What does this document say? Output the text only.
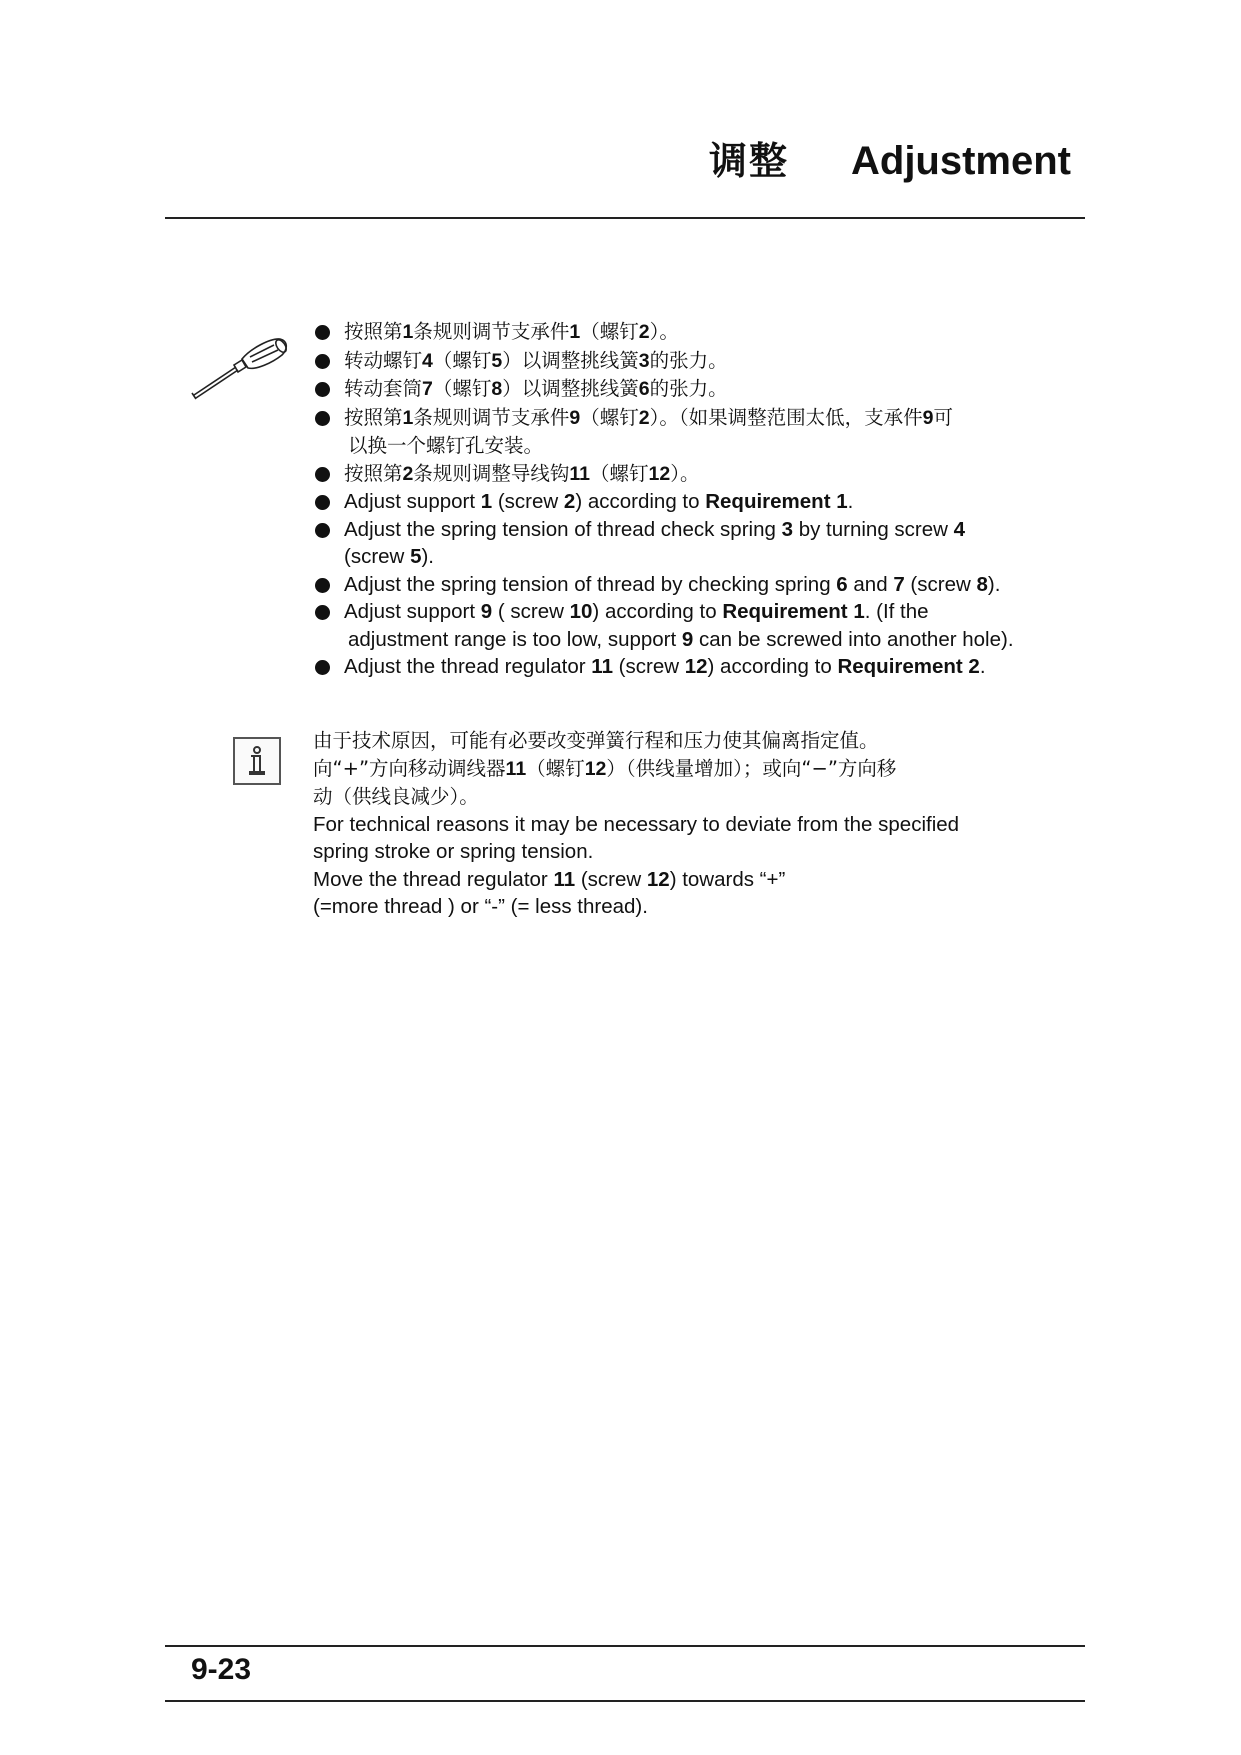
调整 Adjustment
按照第1条规则调节支承件1（螺钉2）。
转动螺钉4（螺钉5）以调整挑线簧3的张力。
转动套筒7（螺钉8）以调整挑线簧6的张力。
按照第1条规则调节支承件9（螺钉2）。（如果调整范围太低，支承件9可
以换一个螺钉孔安装。
按照第2条规则调整导线钩11（螺钉12）。
Adjust support 1 (screw 2) according to Requirement 1.
Adjust the spring tension of thread check spring 3 by turning screw 4
(screw 5).
Adjust the spring tension of thread by checking spring 6 and 7 (screw 8).
Adjust support 9 ( screw 10) according to Requirement 1. (If the
adjustment range is too low, support 9 can be screwed into another hole).
Adjust the thread regulator 11 (screw 12) according to Requirement 2.

由于技术原因，可能有必要改变弹簧行程和压力使其偏离指定值。

向“+”方向移动调线器11（螺钉12）（供线量增加）；或向“−”方向移

动（供线良减少）。

For technical reasons it may be necessary to deviate from the specified

spring stroke or spring tension.

Move the thread regulator 11 (screw 12) towards “+”

(=more thread ) or “-” (= less thread).

9-23
